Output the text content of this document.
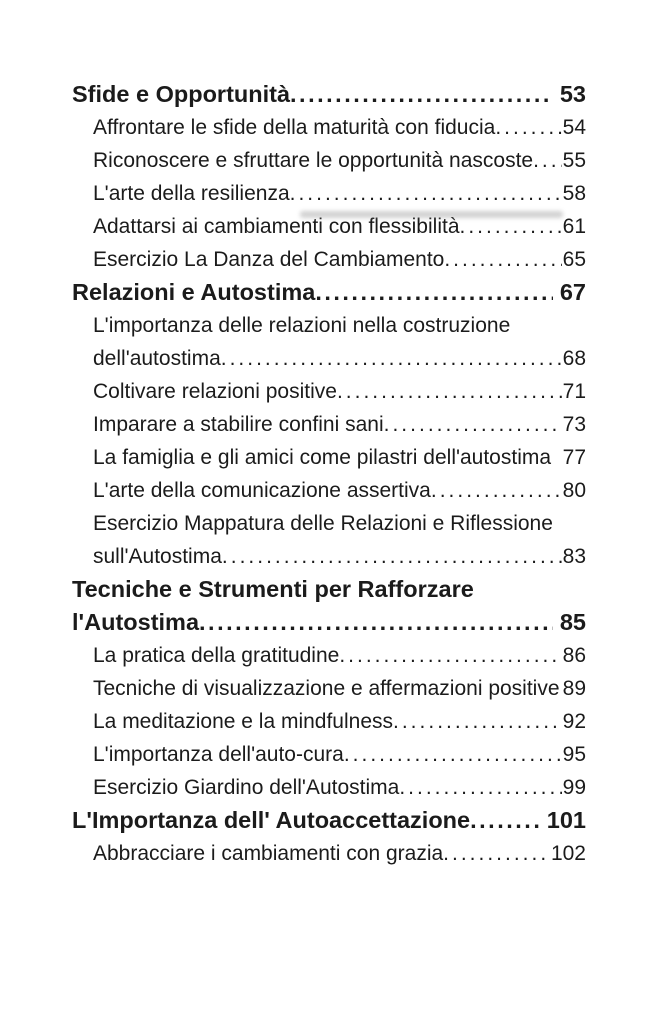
Sfide e Opportunità .....	53
Affrontare le sfide della maturità con fiducia .....	54
Riconoscere e sfruttare le opportunità nascoste ..... 55
L'arte della resilienza .....	58
Adattarsi ai cambiamenti con flessibilità .....	61
Esercizio La Danza del Cambiamento .....	65
Relazioni e Autostima .....	67
L'importanza delle relazioni nella costruzione
dell'autostima .....	68
Coltivare relazioni positive .....	71
Imparare a stabilire confini sani .....	73
La famiglia e gli amici come pilastri dell'autostima 77
L'arte della comunicazione assertiva .....	80
Esercizio Mappatura delle Relazioni e Riflessione
sull'Autostima .....	83
Tecniche e Strumenti per Rafforzare
l'Autostima .....	85
La pratica della gratitudine .....	86
Tecniche di visualizzazione e affermazioni positive 89
La meditazione e la mindfulness .....	92
L'importanza dell'auto-cura .....	95
Esercizio Giardino dell'Autostima .....	99
L'Importanza dell' Autoaccettazione .....	101
Abbracciare i cambiamenti con grazia .....	102
